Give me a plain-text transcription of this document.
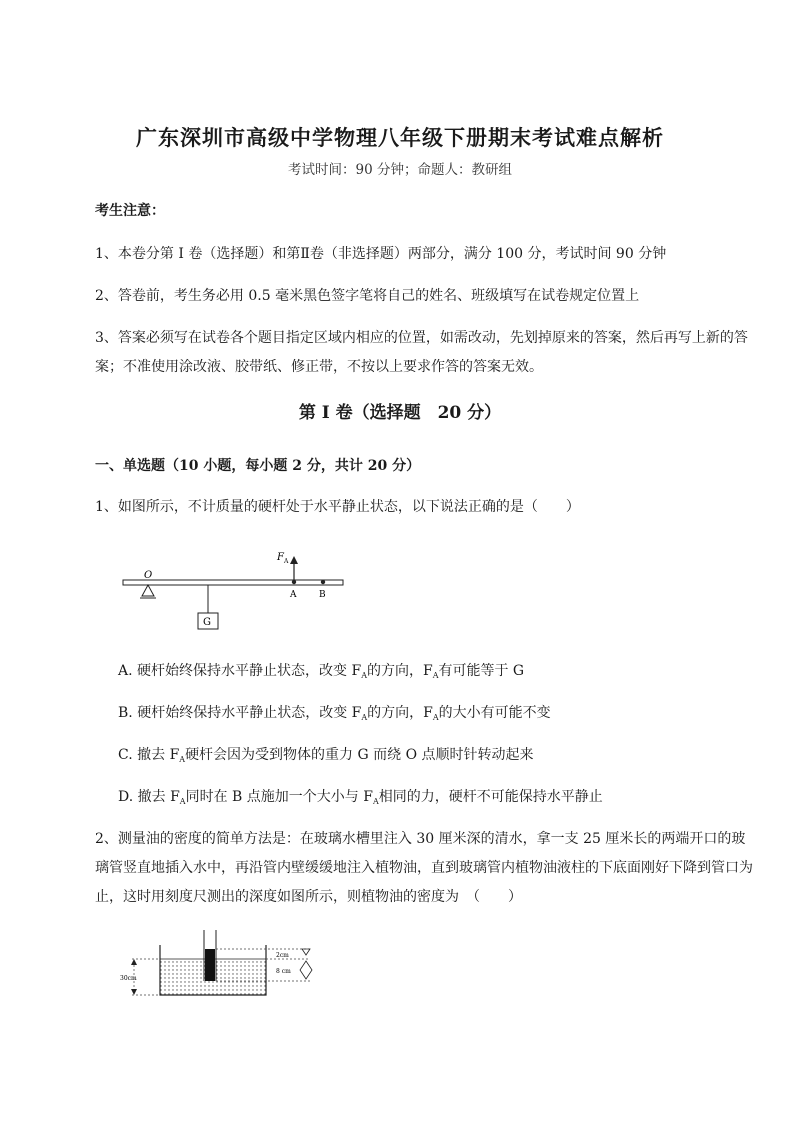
广东深圳市高级中学物理八年级下册期末考试难点解析
考试时间：90 分钟；命题人：教研组
考生注意：
1、本卷分第 I 卷（选择题）和第Ⅱ卷（非选择题）两部分，满分 100 分，考试时间 90 分钟
2、答卷前，考生务必用 0.5 毫米黑色签字笔将自己的姓名、班级填写在试卷规定位置上
3、答案必须写在试卷各个题目指定区域内相应的位置，如需改动，先划掉原来的答案，然后再写上新的答案；不准使用涂改液、胶带纸、修正带，不按以上要求作答的答案无效。
第 I 卷（选择题　20 分）
一、单选题（10 小题，每小题 2 分，共计 20 分）
1、如图所示，不计质量的硬杆处于水平静止状态，以下说法正确的是（　　）
O
G
F A
A	B
A. 硬杆始终保持水平静止状态，改变 $F_A$的方向，$F_A$有可能等于 G
B. 硬杆始终保持水平静止状态，改变 $F_A$的方向，$F_A$的大小有可能不变
C. 撤去 $F_A$硬杆会因为受到物体的重力 G 而绕 O 点顺时针转动起来
D. 撤去 $F_A$同时在 B 点施加一个大小与 $F_A$相同的力，硬杆不可能保持水平静止
2、测量油的密度的简单方法是：在玻璃水槽里注入 30 厘米深的清水，拿一支 25 厘米长的两端开口的玻璃管竖直地插入水中，再沿管内壁缓缓地注入植物油，直到玻璃管内植物油液柱的下底面刚好下降到管口为止，这时用刻度尺测出的深度如图所示，则植物油的密度为　（　　）
30cm
2cm
8 cm
